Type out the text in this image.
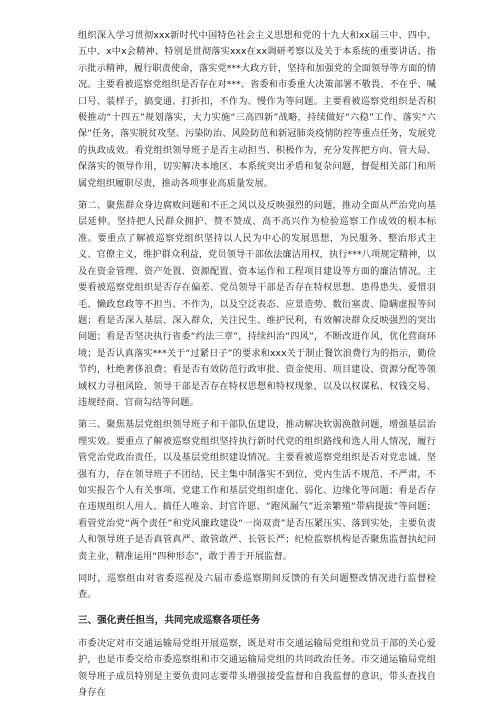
组织深入学习贯彻xxx新时代中国特色社会主义思想和党的十九大和xx届三中、四中、五中、x中x会精神、特别是贯彻落实xxx在xx调研考察以及关于本系统的重要讲话、指示批示精神，履行职责使命，落实党***大政方针，坚持和加强党的全面领导等方面的情况。主要看被巡察党组织是否存在对***、省委和市委重大决策部署不敬畏、不在乎、喊口号、装样子，搞变通、打折扣，不作为、慢作为等问题。主要看被巡察党组织是否积极推动“十四五”规划落实，大力实施“三高四新”战略，持续做好“六稳”工作、落实“六保”任务，落实脱贫攻坚、污染防治、风险防范和新冠肺炎疫情防控等重点任务，发展党的执政成效。看党组织领导班子是否主动担当、积极作为，充分发挥把方向、管大局、保落实的领导作用，切实解决本地区、本系统突出矛盾和复杂问题，督促相关部门和所属党组织履职尽责，推动各项事业高质量发展。

第二、聚焦群众身边腐败问题和不正之风以及反映强烈的问题，推动全面从严治党向基层延伸。坚持把人民群众拥护、赞不赞成、高不高兴作为检验巡察工作成效的根本标准。要重点了解被巡察党组织坚持以人民为中心的发展思想，为民服务、整治形式主义、官僚主义，维护群众利益，党员领导干部依法廉洁用权，执行***八项规定精神，以及在资金管理、资产处置、资源配置、资本运作和工程项目建设等方面的廉洁情况。主要看被巡察党组织是否存在偏差、党员领导干部是否存在特权思想、患得患失、爱惜羽毛、懒政怠政等不担当、不作为，以及空泛表态、应景造势、数衍塞责、隐瞒虚报等问题；看是否深入基层、深入群众，关注民生、维护民利，有效解决群众反映强烈的突出问题；看是否坚决执行省委“约法三章”，持续纠治“四风”，不断改进作风，优化营商环境；是否认真落实***关于“过紧日子”的要求和xxx关于制止餐饮浪费行为的指示，勤俭节约，杜绝奢侈浪费；看是否有效防范行政审批、资金使用、项目建设、资源分配等领域权力寻租风险，领导干部是否存在特权思想和特权现象，以及以权谋私、权钱交易、违规经商、官商勾结等问题。

第三、聚焦基层党组织领导班子和干部队伍建设，推动解决软弱涣散问题，增强基层治理实效。要重点了解被巡察党组织坚持执行新时代党的组织路线和选人用人情况，履行管党治党政治责任，以及基层党组织建设情况。主要看被巡察党组织是否对党忠诚、坚强有力，存在领导班子不团结，民主集中制落实不到位，党内生活不规范、不严肃，不如实报告个人有关事项、党建工作和基层党组织虚化、弱化、边缘化等问题；看是否存在违规组织人用人、搞任人唯亲、封官许愿、“跑风漏气”近亲繁殖“带病提拔”等问题；看管党治党“两个责任”和党风廉政建设“一岗双责”是否压紧压实、落到实处，主要负责人和领导班子是否真管真严、敢管敢严、长管长严；纪检监察机构是否聚焦监督执纪问责主业，精准运用“四种形态”，敢于善于开展监督。

同时，巡察组由对省委巡视及六届市委巡察期间反馈的有关问题整改情况进行监督检查。

三、强化责任担当，共同完成巡察各项任务

市委决定对市交通运输局党组开展巡察，既是对市交通运输局党组和党员干部的关心爱护，也是市委交给市委巡察组和市交通运输局党组的共同政治任务。市交通运输局党组领导班子成员特别是主要负责同志要带头增强接受监督和自我监督的意识，带头查找自身存在
